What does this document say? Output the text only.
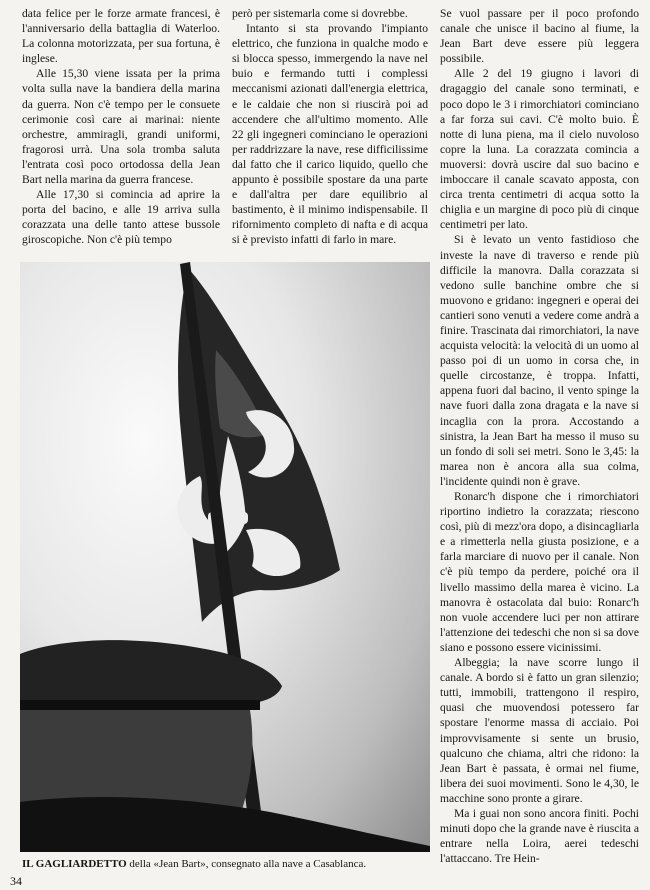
data felice per le forze armate francesi, è l'anniversario della battaglia di Waterloo. La colonna motorizzata, per sua fortuna, è inglese.

Alle 15,30 viene issata per la prima volta sulla nave la bandiera della marina da guerra. Non c'è tempo per le consuete cerimonie così care ai marinai: niente orchestre, ammiragli, grandi uniformi, fragorosi urrà. Una sola tromba saluta l'entrata così poco ortodossa della Jean Bart nella marina da guerra francese.

Alle 17,30 si comincia ad aprire la porta del bacino, e alle 19 arriva sulla corazzata una delle tanto attese bussole giroscopiche. Non c'è più tempo

però per sistemarla come si dovrebbe.

Intanto si sta provando l'impianto elettrico, che funziona in qualche modo e si blocca spesso, immergendo la nave nel buio e fermando tutti i complessi meccanismi azionati dall'energia elettrica, e le caldaie che non si riuscirà poi ad accendere che all'ultimo momento. Alle 22 gli ingegneri cominciano le operazioni per raddrizzare la nave, rese difficilissime dal fatto che il carico liquido, quello che appunto è possibile spostare da una parte e dall'altra per dare equilibrio al bastimento, è il minimo indispensabile. Il rifornimento completo di nafta e di acqua si è previsto infatti di farlo in mare.

Se vuol passare per il poco profondo canale che unisce il bacino al fiume, la Jean Bart deve essere più leggera possibile.

Alle 2 del 19 giugno i lavori di dragaggio del canale sono terminati, e poco dopo le 3 i rimorchiatori cominciano a far forza sui cavi. C'è molto buio. È notte di luna piena, ma il cielo nuvoloso copre la luna. La corazzata comincia a muoversi: dovrà uscire dal suo bacino e imboccare il canale scavato apposta, con circa trenta centimetri di acqua sotto la chiglia e un margine di poco più di cinque centimetri per lato.

Si è levato un vento fastidioso che investe la nave di traverso e rende più difficile la manovra. Dalla corazzata si vedono sulle banchine ombre che si muovono e gridano: ingegneri e operai dei cantieri sono venuti a vedere come andrà a finire. Trascinata dai rimorchiatori, la nave acquista velocità: la velocità di un uomo al passo poi di un uomo in corsa che, in quelle circostanze, è troppa. Infatti, appena fuori dal bacino, il vento spinge la nave fuori dalla zona dragata e la nave si incaglia con la prora. Accostando a sinistra, la Jean Bart ha messo il muso su un fondo di soli sei metri. Sono le 3,45: la marea non è ancora alla sua colma, l'incidente quindi non è grave.

Ronarc'h dispone che i rimorchiatori riportino indietro la corazzata; riescono così, più di mezz'ora dopo, a disincagliarla e a rimetterla nella giusta posizione, e a farla marciare di nuovo per il canale. Non c'è più tempo da perdere, poiché ora il livello massimo della marea è vicino. La manovra è ostacolata dal buio: Ronarc'h non vuole accendere luci per non attirare l'attenzione dei tedeschi che non si sa dove siano e possono essere vicinissimi.

Albeggia; la nave scorre lungo il canale. A bordo si è fatto un gran silenzio; tutti, immobili, trattengono il respiro, quasi che muovendosi potessero far spostare l'enorme massa di acciaio. Poi improvvisamente si sente un brusio, qualcuno che chiama, altri che ridono: la Jean Bart è passata, è ormai nel fiume, libera dei suoi movimenti. Sono le 4,30, le macchine sono pronte a girare.

Ma i guai non sono ancora finiti. Pochi minuti dopo che la grande nave è riuscita a entrare nella Loira, aerei tedeschi l'attaccano. Tre Hein-

IL GAGLIARDETTO della «Jean Bart», consegnato alla nave a Casablanca.
34
